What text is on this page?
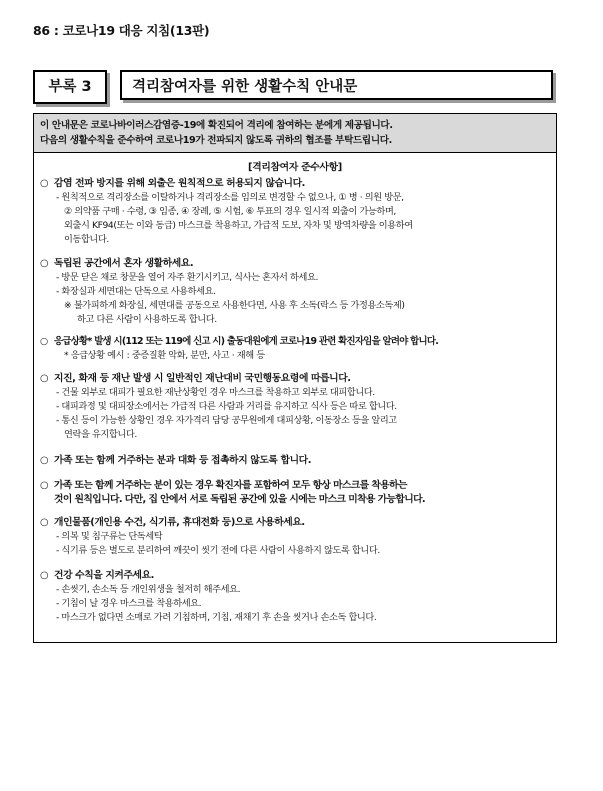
86 : 코로나19 대응 지침(13판)
부록 3	격리참여자를 위한 생활수칙 안내문
이 안내문은 코로나바이러스감염증-19에 확진되어 격리에 참여하는 분에게 제공됩니다.
다음의 생활수칙을 준수하여 코로나19가 전파되지 않도록 귀하의 협조를 부탁드립니다.
[격리참여자 준수사항]
○ 감염 전파 방지를 위해 외출은 원칙적으로 허용되지 않습니다.
- 원칙적으로 격리장소를 이탈하거나 격리장소를 임의로 변경할 수 없으나, ① 병 · 의원 방문,
② 의약품 구매 · 수령, ③ 임종, ④ 장례, ⑤ 시험, ⑥ 투표의 경우 일시적 외출이 가능하며,
외출시 KF94(또는 이와 동급) 마스크를 착용하고, 가급적 도보, 자차 및 방역차량을 이용하여
이동합니다.
○ 독립된 공간에서 혼자 생활하세요.
- 방문 닫은 채로 창문을 열어 자주 환기시키고, 식사는 혼자서 하세요.
- 화장실과 세면대는 단독으로 사용하세요.
※ 불가피하게 화장실, 세면대를 공동으로 사용한다면, 사용 후 소독(락스 등 가정용소독제)
하고 다른 사람이 사용하도록 합니다.
○ 응급상황* 발생 시(112 또는 119에 신고 시) 출동대원에게 코로나19 관련 확진자임을 알려야 합니다.
* 응급상황 예시 : 중증질환 악화, 분만, 사고 · 재해 등
○ 지진, 화재 등 재난 발생 시 일반적인 재난대비 국민행동요령에 따릅니다.
- 건물 외부로 대피가 필요한 재난상황인 경우 마스크를 착용하고 외부로 대피합니다.
- 대피과정 및 대피장소에서는 가급적 다른 사람과 거리를 유지하고 식사 등은 따로 합니다.
- 통신 등이 가능한 상황인 경우 자가격리 담당 공무원에게 대피상황, 이동장소 등을 알리고
연락을 유지합니다.
○ 가족 또는 함께 거주하는 분과 대화 등 접촉하지 않도록 합니다.
○ 가족 또는 함께 거주하는 분이 있는 경우 확진자를 포함하여 모두 항상 마스크를 착용하는
것이 원칙입니다. 다만, 집 안에서 서로 독립된 공간에 있을 시에는 마스크 미착용 가능합니다.
○ 개인물품(개인용 수건, 식기류, 휴대전화 등)으로 사용하세요.
- 의복 및 침구류는 단독세탁
- 식기류 등은 별도로 분리하여 깨끗이 씻기 전에 다른 사람이 사용하지 않도록 합니다.
○ 건강 수칙을 지켜주세요.
- 손씻기, 손소독 등 개인위생을 철저히 해주세요.
- 기침이 날 경우 마스크를 착용하세요.
- 마스크가 없다면 소매로 가려 기침하며, 기침, 재채기 후 손을 씻거나 손소독 합니다.
